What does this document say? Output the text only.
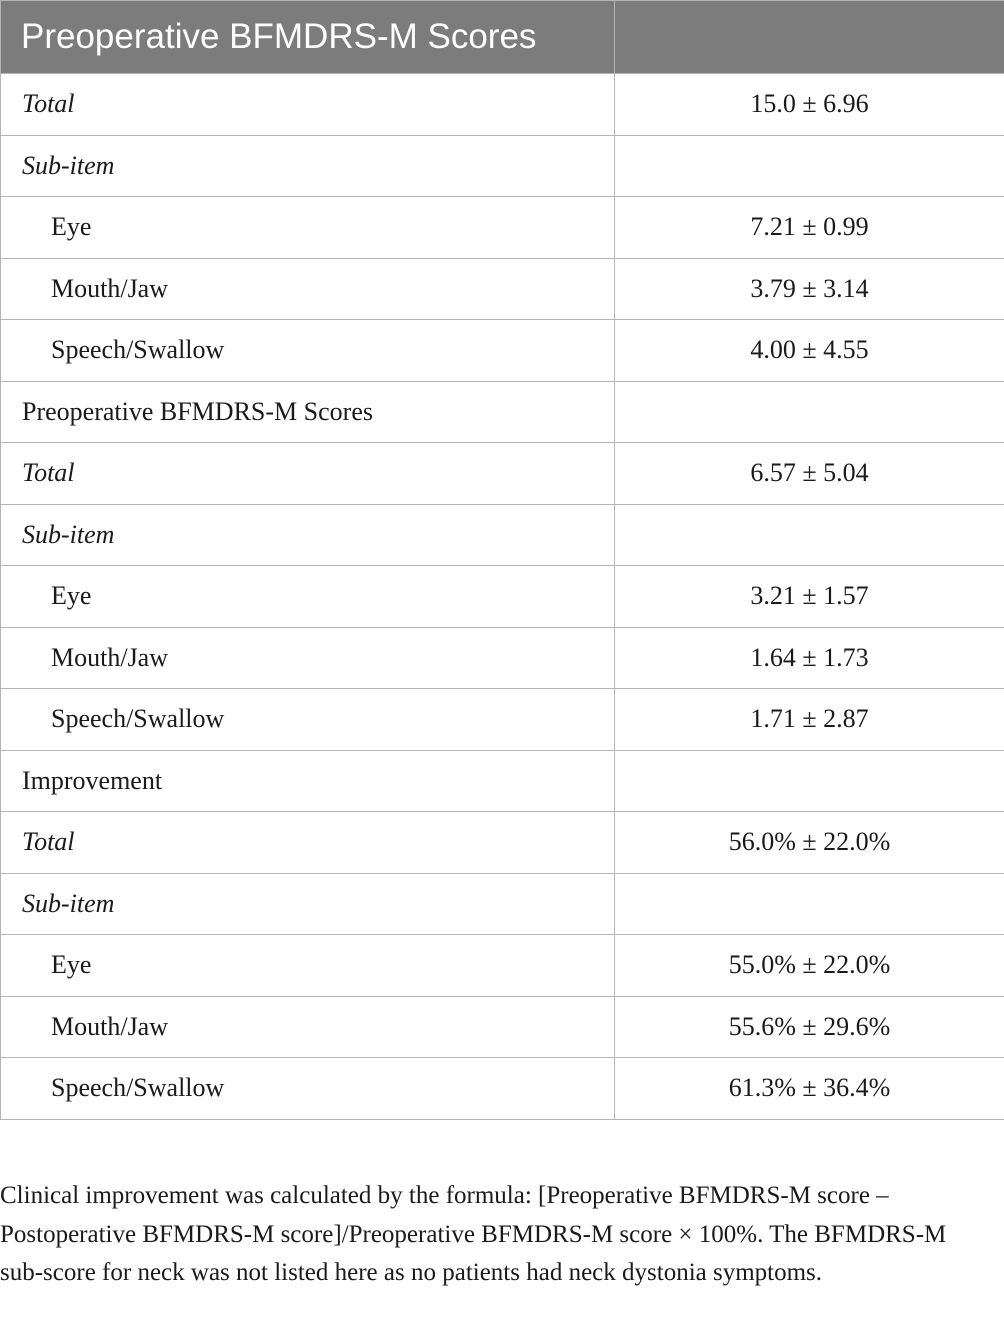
Preoperative BFMDRS-M Scores	
Total	15.0 ± 6.96
Sub-item	
Eye	7.21 ± 0.99
Mouth/Jaw	3.79 ± 3.14
Speech/Swallow	4.00 ± 4.55
Preoperative BFMDRS-M Scores	
Total	6.57 ± 5.04
Sub-item	
Eye	3.21 ± 1.57
Mouth/Jaw	1.64 ± 1.73
Speech/Swallow	1.71 ± 2.87
Improvement	
Total	56.0% ± 22.0%
Sub-item	
Eye	55.0% ± 22.0%
Mouth/Jaw	55.6% ± 29.6%
Speech/Swallow	61.3% ± 36.4%

Clinical improvement was calculated by the formula: [Preoperative BFMDRS-M score – Postoperative BFMDRS-M score]/Preoperative BFMDRS-M score × 100%. The BFMDRS-M sub-score for neck was not listed here as no patients had neck dystonia symptoms.
